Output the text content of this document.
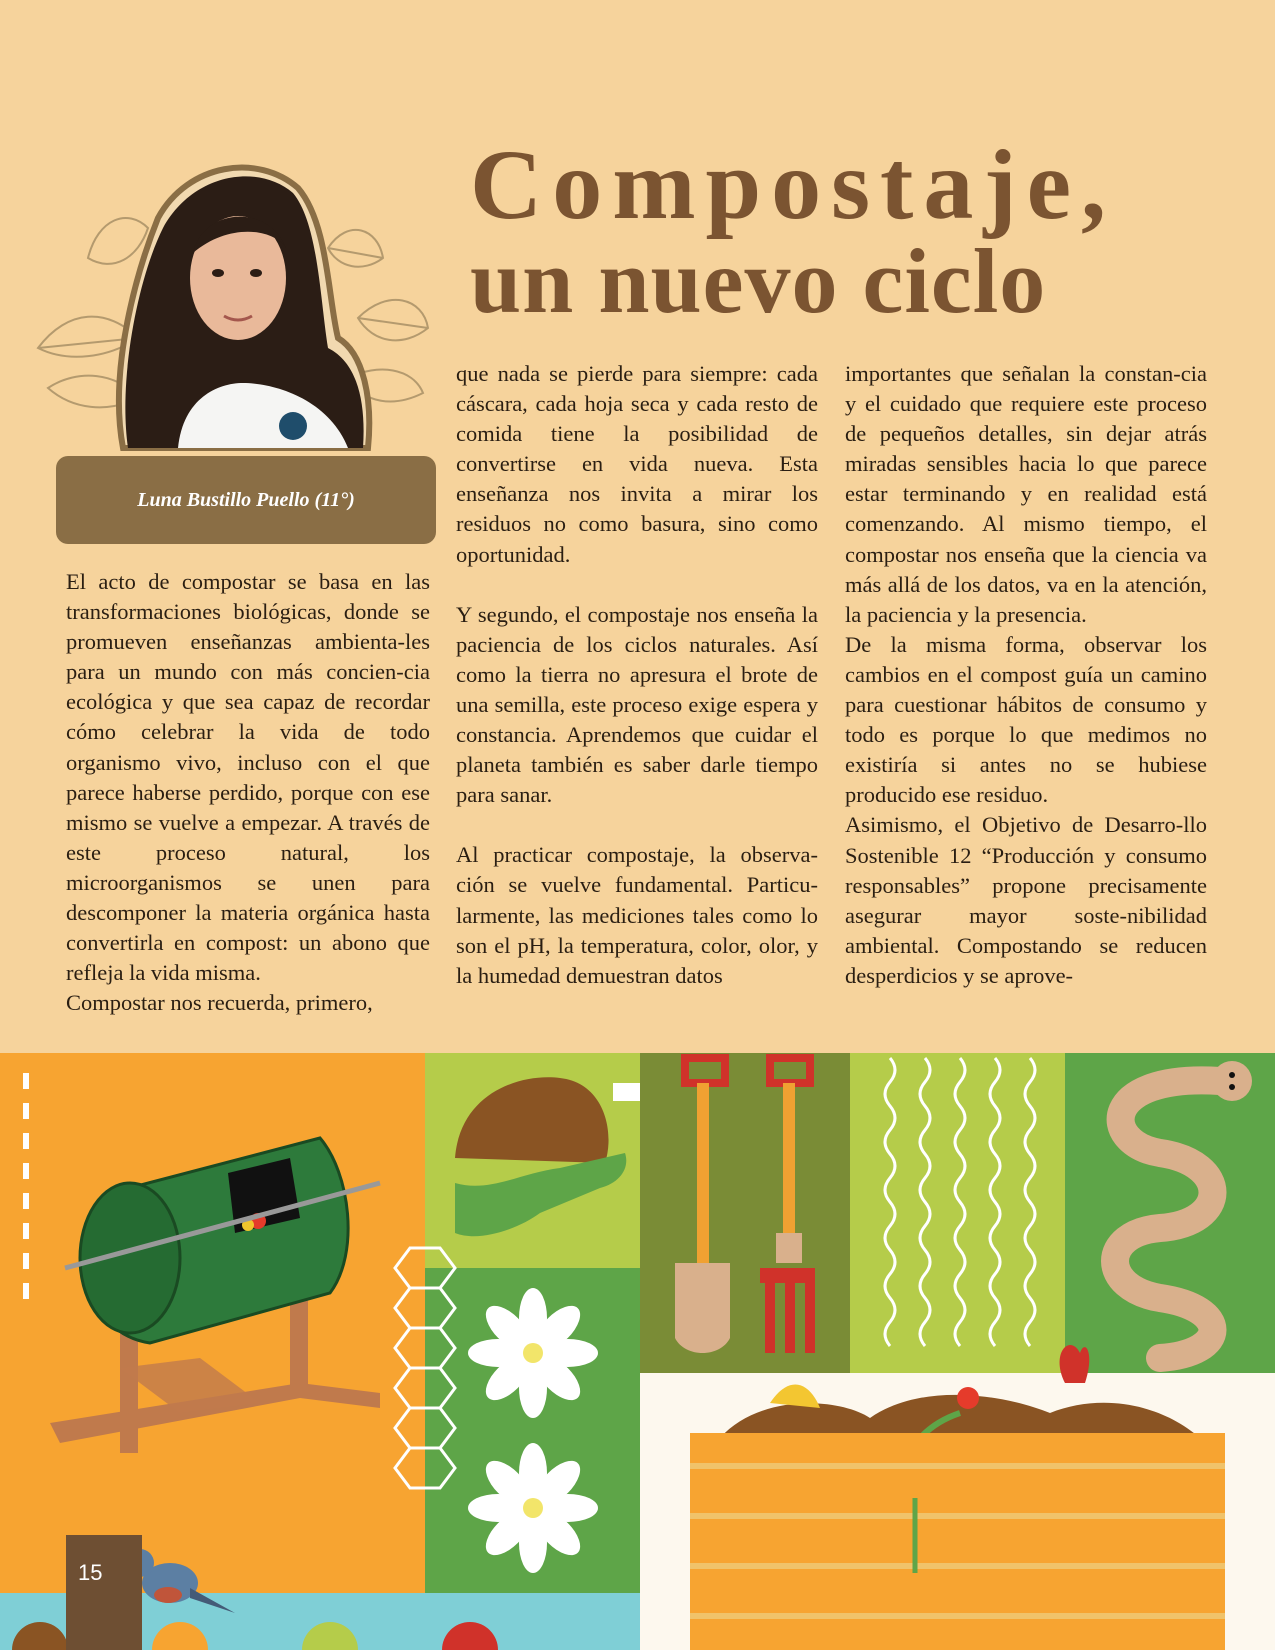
Luna Bustillo Puello (11°)
Compostaje,
un nuevo ciclo

El acto de compostar se basa en las transformaciones biológicas, donde se promueven enseñanzas ambienta-les para un mundo con más concien-cia ecológica y que sea capaz de recordar cómo celebrar la vida de todo organismo vivo, incluso con el que parece haberse perdido, porque con ese mismo se vuelve a empezar. A través de este proceso natural, los microorganismos se unen para descomponer la materia orgánica hasta convertirla en compost: un abono que refleja la vida misma.

Compostar nos recuerda, primero,

que nada se pierde para siempre: cada cáscara, cada hoja seca y cada resto de comida tiene la posibilidad de convertirse en vida nueva. Esta enseñanza nos invita a mirar los residuos no como basura, sino como oportunidad.

Y segundo, el compostaje nos enseña la paciencia de los ciclos naturales. Así como la tierra no apresura el brote de una semilla, este proceso exige espera y constancia. Aprendemos que cuidar el planeta también es saber darle tiempo para sanar.

Al practicar compostaje, la observa-ción se vuelve fundamental. Particu-larmente, las mediciones tales como lo son el pH, la temperatura, color, olor, y la humedad demuestran datos

importantes que señalan la constan-cia y el cuidado que requiere este proceso de pequeños detalles, sin dejar atrás miradas sensibles hacia lo que parece estar terminando y en realidad está comenzando. Al mismo tiempo, el compostar nos enseña que la ciencia va más allá de los datos, va en la atención, la paciencia y la presencia.

De la misma forma, observar los cambios en el compost guía un camino para cuestionar hábitos de consumo y todo es porque lo que medimos no existiría si antes no se hubiese producido ese residuo.

Asimismo, el Objetivo de Desarro-llo Sostenible 12 “Producción y consumo responsables” propone precisamente asegurar mayor soste-nibilidad ambiental. Compostando se reducen desperdicios y se aprove-

15
